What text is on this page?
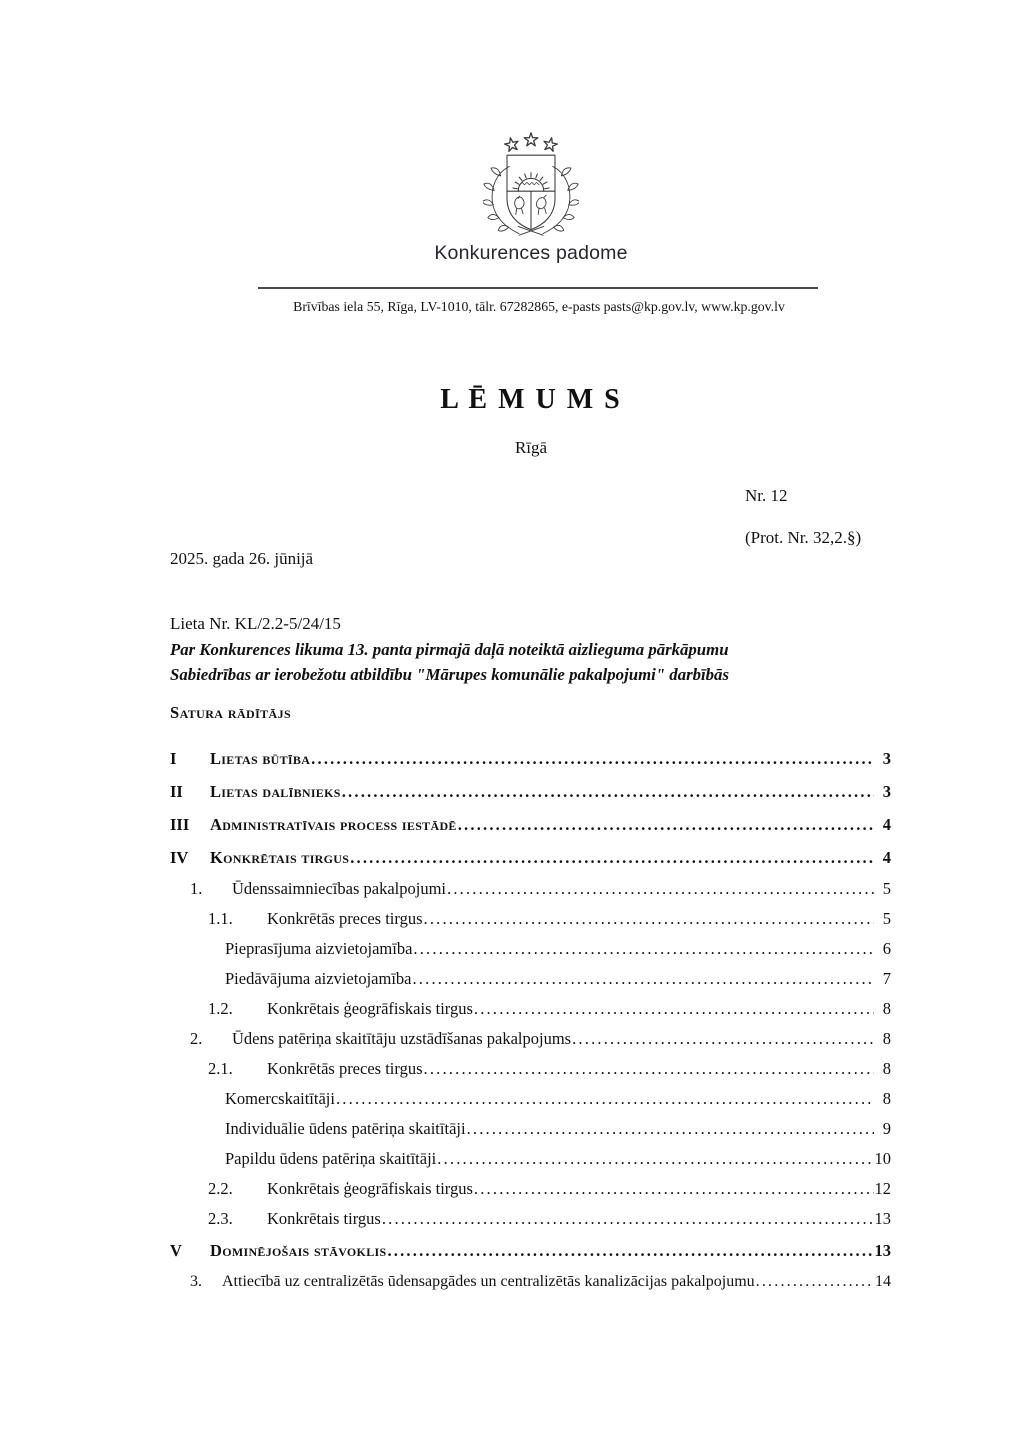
Konkurences padome
Brīvības iela 55, Rīga, LV-1010, tālr. 67282865, e-pasts pasts@kp.gov.lv, www.kp.gov.lv
L Ē M U M S
Rīgā
Nr. 12
(Prot. Nr. 32,2.§)
2025. gada 26. jūnijā
Lieta Nr. KL/2.2-5/24/15
Par Konkurences likuma 13. panta pirmajā daļā noteiktā aizlieguma pārkāpumu
Sabiedrības ar ierobežotu atbildību "Mārupes komunālie pakalpojumi" darbībās
Satura rādītājs
I	Lietas būtība .....	3
II	Lietas dalībnieks .....	3
III	Administratīvais process iestādē .....	4
IV	Konkrētais tirgus .....	4
1.	Ūdenssaimniecības pakalpojumi .....	5
1.1.	Konkrētās preces tirgus .....	5
Pieprasījuma aizvietojamība .....	6
Piedāvājuma aizvietojamība .....	7
1.2.	Konkrētais ģeogrāfiskais tirgus .....	8
2.	Ūdens patēriņa skaitītāju uzstādīšanas pakalpojums .....	8
2.1.	Konkrētās preces tirgus .....	8
Komercskaitītāji .....	8
Individuālie ūdens patēriņa skaitītāji .....	9
Papildu ūdens patēriņa skaitītāji .....	10
2.2.	Konkrētais ģeogrāfiskais tirgus .....	12
2.3.	Konkrētais tirgus .....	13
V	Dominējošais stāvoklis .....	13
3.	Attiecībā uz centralizētās ūdensapgādes un centralizētās kanalizācijas pakalpojumu .....	14
